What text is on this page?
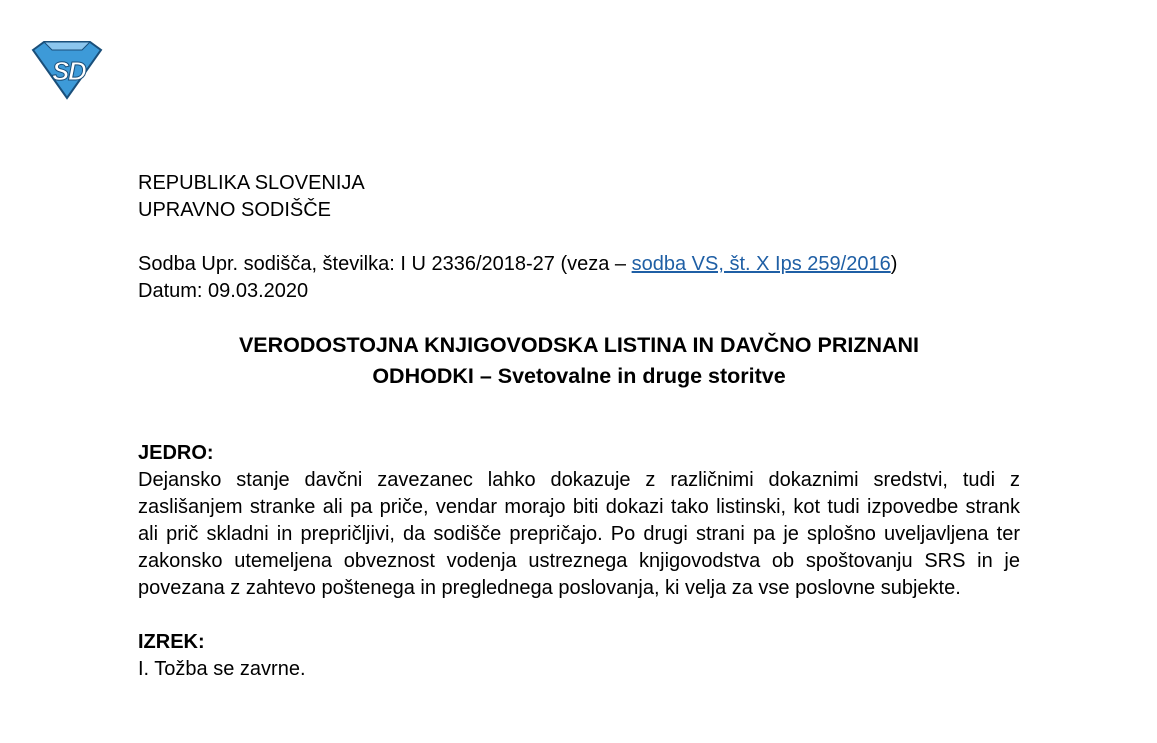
S
D
REPUBLIKA SLOVENIJA
UPRAVNO SODIŠČE
Sodba Upr. sodišča, številka: I U 2336/2018-27 (veza – sodba VS, št. X Ips 259/2016)
Datum: 09.03.2020
VERODOSTOJNA KNJIGOVODSKA LISTINA IN DAVČNO PRIZNANI
ODHODKI – Svetovalne in druge storitve
JEDRO:
Dejansko stanje davčni zavezanec lahko dokazuje z različnimi dokaznimi sredstvi, tudi z zaslišanjem stranke ali pa priče, vendar morajo biti dokazi tako listinski, kot tudi izpovedbe strank ali prič skladni in prepričljivi, da sodišče prepričajo. Po drugi strani pa je splošno uveljavljena ter zakonsko utemeljena obveznost vodenja ustreznega knjigovodstva ob spoštovanju SRS in je povezana z zahtevo poštenega in preglednega poslovanja, ki velja za vse poslovne subjekte.
IZREK:
I. Tožba se zavrne.
